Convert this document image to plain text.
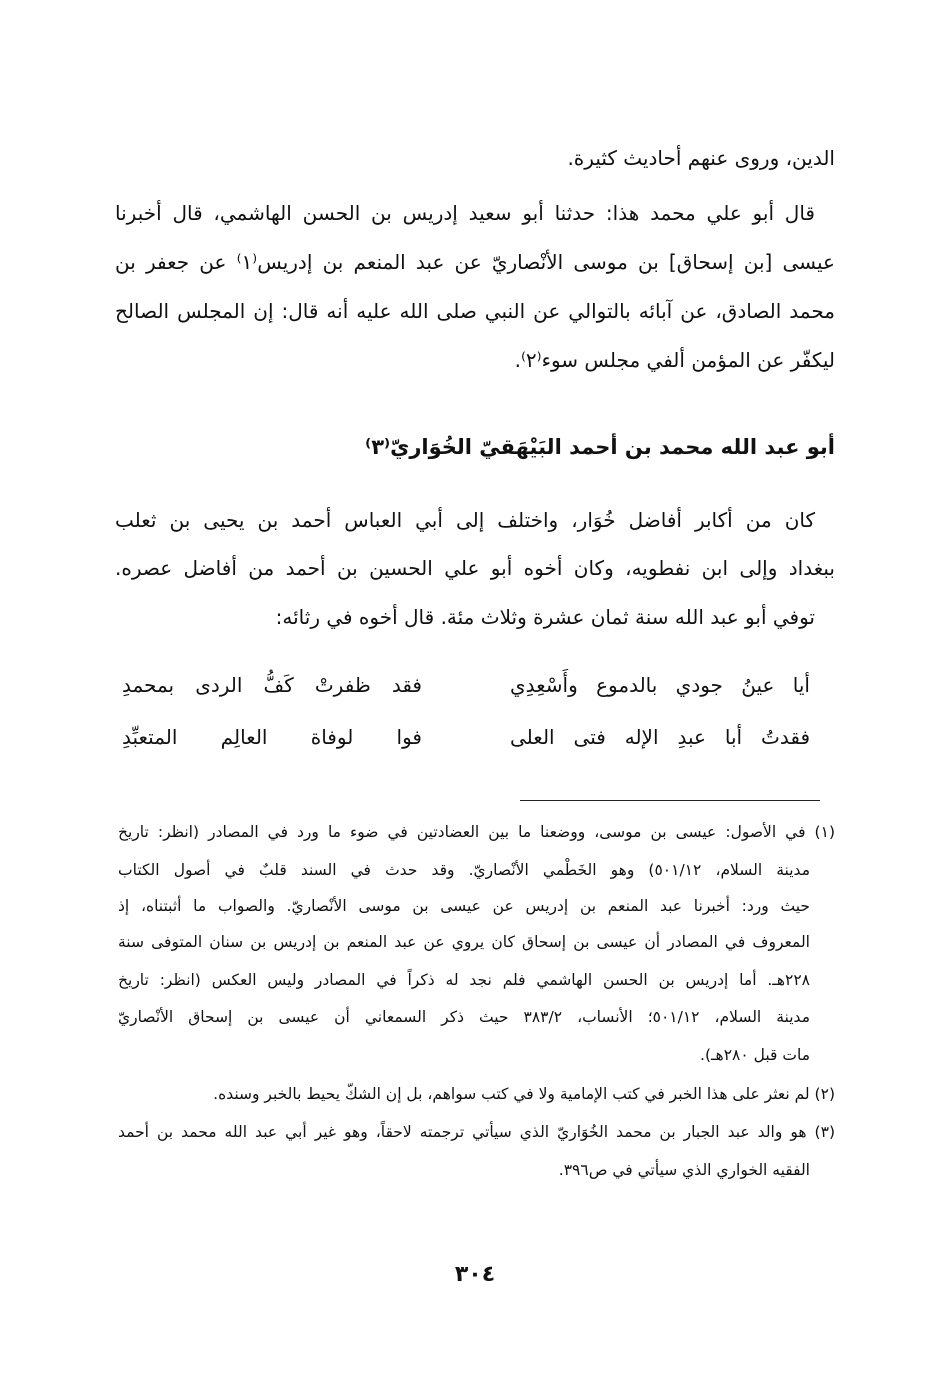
الدين، وروى عنهم أحاديث كثيرة.
قال أبو علي محمد هذا: حدثنا أبو سعيد إدريس بن الحسن الهاشمي، قال أخبرنا
عيسى [بن إسحاق] بن موسى الأنْصاريّ عن عبد المنعم بن إدريس⁽١⁾ عن جعفر بن
محمد الصادق، عن آبائه بالتوالي عن النبي صلى الله عليه أنه قال: إن المجلس الصالح
ليكفّر عن المؤمن ألفي مجلس سوء⁽٢⁾.
أبو عبد الله محمد بن أحمد البَيْهَقيّ الخُوَاريّ⁽٣⁾
كان من أكابر أفاضل خُوَار، واختلف إلى أبي العباس أحمد بن يحيى بن ثعلب
ببغداد وإلى ابن نفطويه، وكان أخوه أبو علي الحسين بن أحمد من أفاضل عصره.
توفي أبو عبد الله سنة ثمان عشرة وثلاث مئة. قال أخوه في رثائه:
أيا عينُ جودي بالدموع وأَسْعِدِي
فقد ظفرتْ كَفُّ الردى بمحمدِ
فقدتُ أبا عبدِ الإله فتى العلى
فوا لوفاة العالِم المتعبِّدِ
(١) في الأصول: عيسى بن موسى، ووضعنا ما بين العضادتين في ضوء ما ورد في المصادر (انظر: تاريخ
مدينة السلام، ٥٠١/١٢) وهو الخَطْمي الأنْصاريّ. وقد حدث في السند قلبٌ في أصول الكتاب
حيث ورد: أخبرنا عبد المنعم بن إدريس عن عيسى بن موسى الأنْصاريّ. والصواب ما أثبتناه، إذ
المعروف في المصادر أن عيسى بن إسحاق كان يروي عن عبد المنعم بن إدريس بن سنان المتوفى سنة
٢٢٨هـ. أما إدريس بن الحسن الهاشمي فلم نجد له ذكراً في المصادر وليس العكس (انظر: تاريخ
مدينة السلام، ٥٠١/١٢؛ الأنساب، ٣٨٣/٢ حيث ذكر السمعاني أن عيسى بن إسحاق الأنْصاريّ
مات قبل ٢٨٠هـ).
(٢) لم نعثر على هذا الخبر في كتب الإمامية ولا في كتب سواهم، بل إن الشكّ يحيط بالخبر وسنده.
(٣) هو والد عبد الجبار بن محمد الخُوَاريّ الذي سيأتي ترجمته لاحقاً، وهو غير أبي عبد الله محمد بن أحمد
الفقيه الخواري الذي سيأتي في ص٣٩٦.
٣٠٤
